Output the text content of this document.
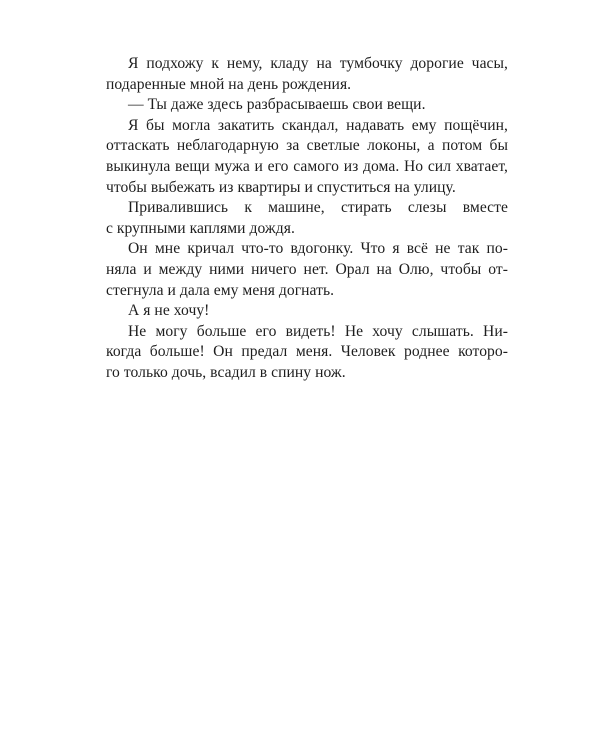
Я подхожу к нему, кладу на тумбочку дорогие часы,
подаренные мной на день рождения.
— Ты даже здесь разбрасываешь свои вещи.
Я бы могла закатить скандал, надавать ему пощёчин,
оттаскать неблагодарную за светлые локоны, а потом бы
выкинула вещи мужа и его самого из дома. Но сил хватает,
чтобы выбежать из квартиры и спуститься на улицу.
Привалившись к машине, стирать слезы вместе
с крупными каплями дождя.
Он мне кричал что-то вдогонку. Что я всё не так по-
няла и между ними ничего нет. Орал на Олю, чтобы от-
стегнула и дала ему меня догнать.
А я не хочу!
Не могу больше его видеть! Не хочу слышать. Ни-
когда больше! Он предал меня. Человек роднее которо-
го только дочь, всадил в спину нож.
